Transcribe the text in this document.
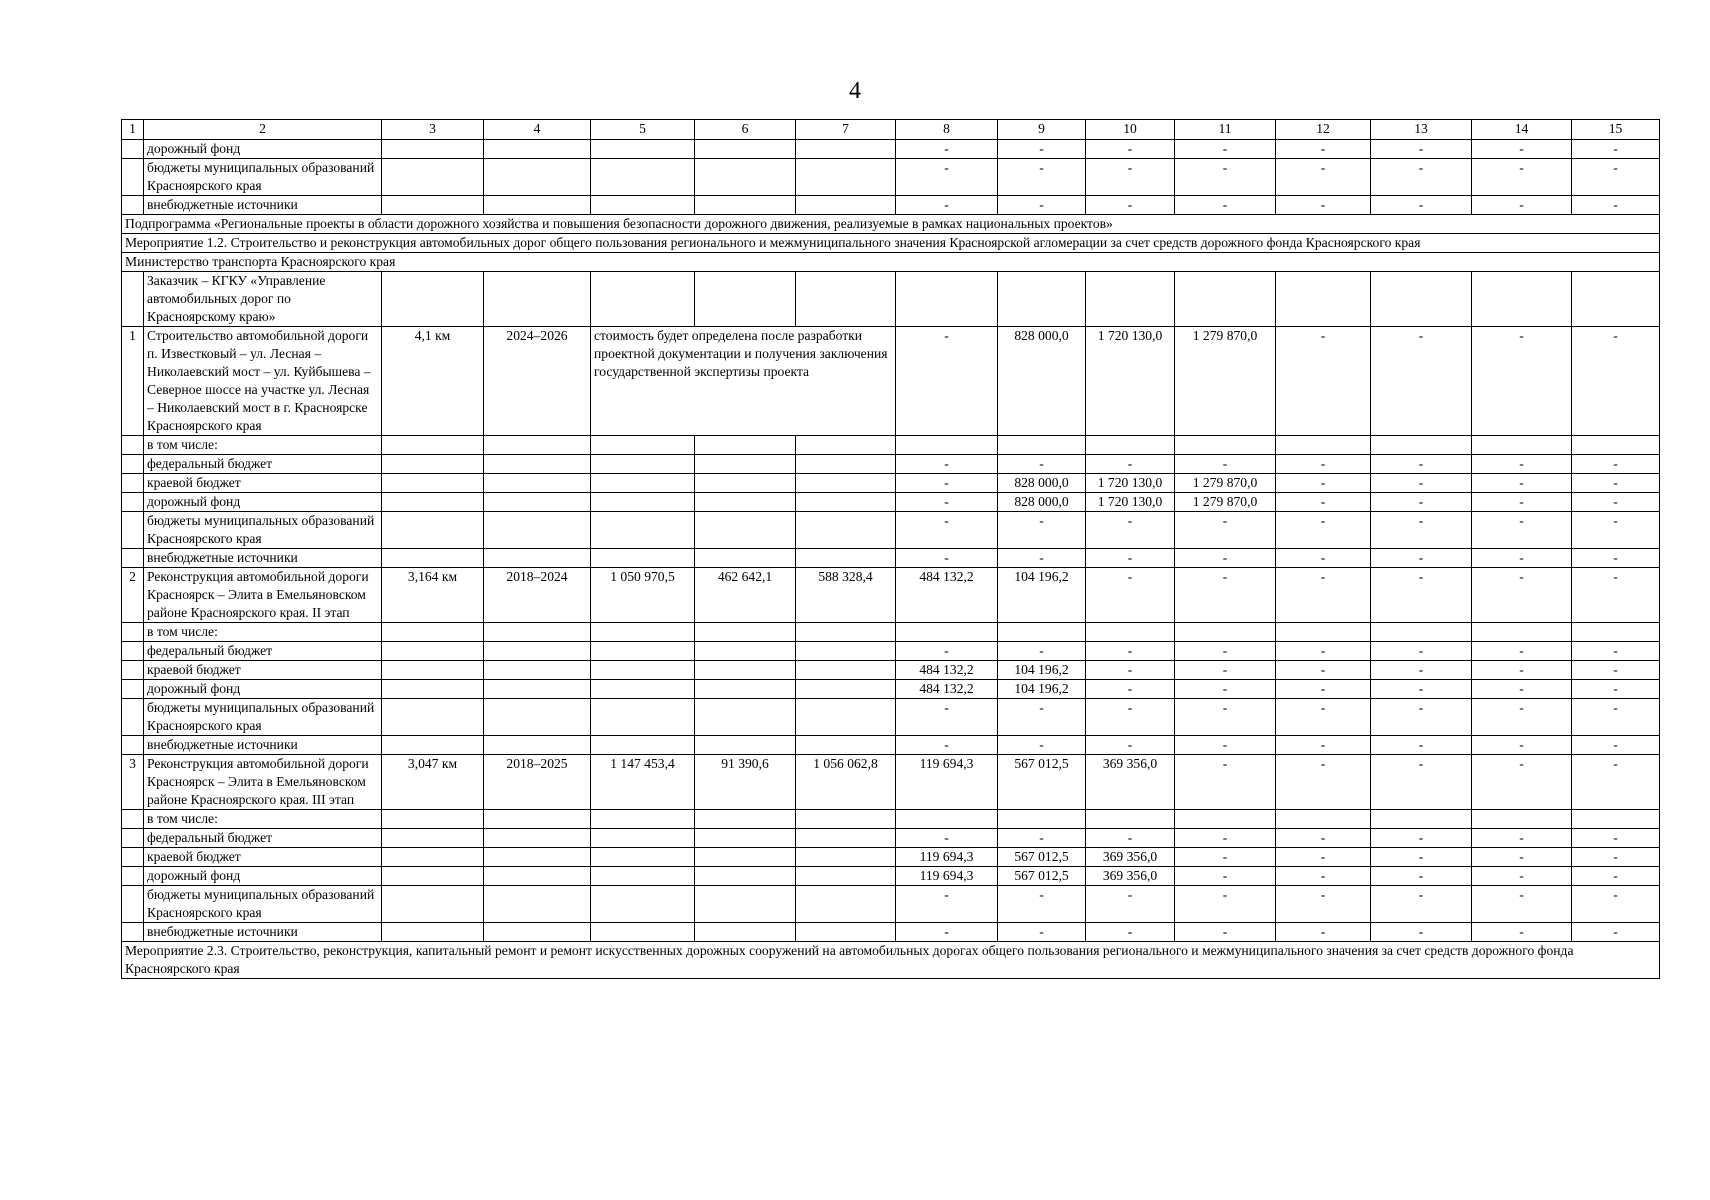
4
1	2	3	4	5	6	7	8	9	10	11	12	13	14	15
	дорожный фонд						-	-	-	-	-	-	-	-
	бюджеты муниципальных образований Красноярского края						-	-	-	-	-	-	-	-
	внебюджетные источники						-	-	-	-	-	-	-	-
Подпрограмма «Региональные проекты в области дорожного хозяйства и повышения безопасности дорожного движения, реализуемые в рамках национальных проектов»														
Мероприятие 1.2. Строительство и реконструкция автомобильных дорог общего пользования регионального и межмуниципального значения Красноярской агломерации за счет средств дорожного фонда Красноярского края														
Министерство транспорта Красноярского края														
	Заказчик – КГКУ «Управление автомобильных дорог по Красноярскому краю»													
1	Строительство автомобильной дороги п. Известковый – ул. Лесная – Николаевский мост – ул. Куйбышева – Северное шоссе на участке ул. Лесная – Николаевский мост в г. Красноярске Красноярского края	4,1 км	2024–2026	стоимость будет определена после разработки проектной документации и получения заключения государственной экспертизы проекта			-	828 000,0	1 720 130,0	1 279 870,0	-	-	-	-
	в том числе:													
	федеральный бюджет						-	-	-	-	-	-	-	-
	краевой бюджет						-	828 000,0	1 720 130,0	1 279 870,0	-	-	-	-
	дорожный фонд						-	828 000,0	1 720 130,0	1 279 870,0	-	-	-	-
	бюджеты муниципальных образований Красноярского края						-	-	-	-	-	-	-	-
	внебюджетные источники						-	-	-	-	-	-	-	-
2	Реконструкция автомобильной дороги Красноярск – Элита в Емельяновском районе Красноярского края. II этап	3,164 км	2018–2024	1 050 970,5	462 642,1	588 328,4	484 132,2	104 196,2	-	-	-	-	-	-
	в том числе:													
	федеральный бюджет						-	-	-	-	-	-	-	-
	краевой бюджет						484 132,2	104 196,2	-	-	-	-	-	-
	дорожный фонд						484 132,2	104 196,2	-	-	-	-	-	-
	бюджеты муниципальных образований Красноярского края						-	-	-	-	-	-	-	-
	внебюджетные источники						-	-	-	-	-	-	-	-
3	Реконструкция автомобильной дороги Красноярск – Элита в Емельяновском районе Красноярского края. III этап	3,047 км	2018–2025	1 147 453,4	91 390,6	1 056 062,8	119 694,3	567 012,5	369 356,0	-	-	-	-	-
	в том числе:													
	федеральный бюджет						-	-	-	-	-	-	-	-
	краевой бюджет						119 694,3	567 012,5	369 356,0	-	-	-	-	-
	дорожный фонд						119 694,3	567 012,5	369 356,0	-	-	-	-	-
	бюджеты муниципальных образований Красноярского края						-	-	-	-	-	-	-	-
	внебюджетные источники						-	-	-	-	-	-	-	-
Мероприятие 2.3. Строительство, реконструкция, капитальный ремонт и ремонт искусственных дорожных сооружений на автомобильных дорогах общего пользования регионального и межмуниципального значения за счет средств дорожного фонда Красноярского края														
